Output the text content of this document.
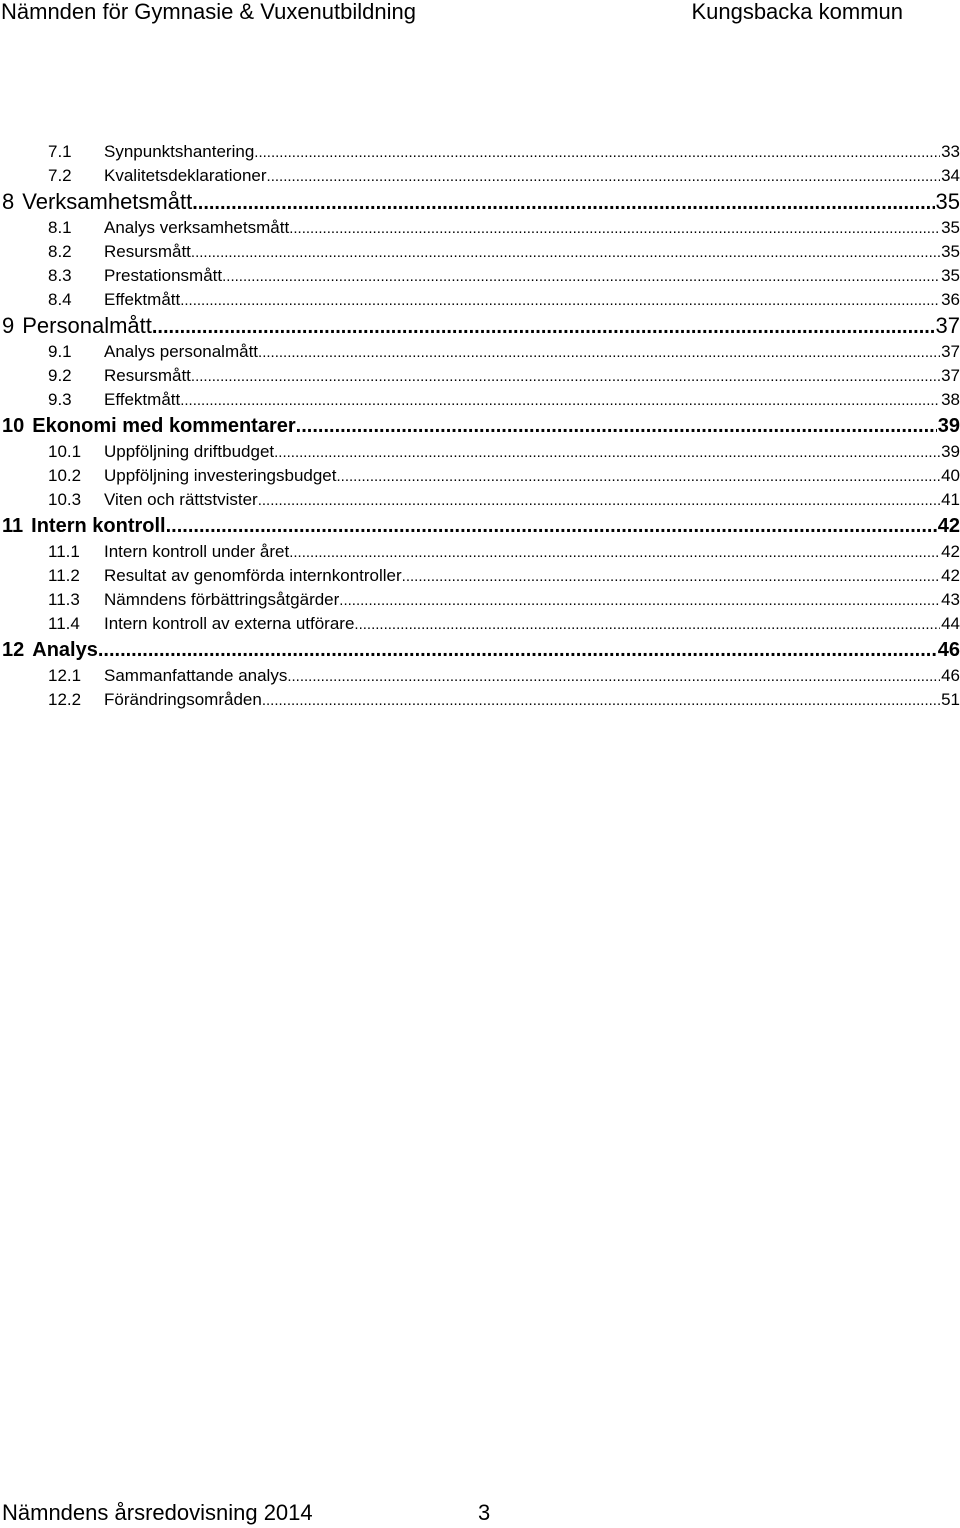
Nämnden för Gymnasie & Vuxenutbildning	Kungsbacka kommun
7.1	Synpunktshantering .....	33
7.2	Kvalitetsdeklarationer .....	34
8 Verksamhetsmått .....	35
8.1	Analys verksamhetsmått .....	35
8.2	Resursmått .....	35
8.3	Prestationsmått .....	35
8.4	Effektmått .....	36
9 Personalmått .....	37
9.1	Analys personalmått .....	37
9.2	Resursmått .....	37
9.3	Effektmått .....	38
10 Ekonomi med kommentarer .....	39
10.1	Uppföljning driftbudget .....	39
10.2	Uppföljning investeringsbudget .....	40
10.3	Viten och rättstvister .....	41
11 Intern kontroll .....	42
11.1	Intern kontroll under året .....	42
11.2	Resultat av genomförda internkontroller .....	42
11.3	Nämndens förbättringsåtgärder .....	43
11.4	Intern kontroll av externa utförare .....	44
12 Analys .....	46
12.1	Sammanfattande analys .....	46
12.2	Förändringsområden .....	51
Nämndens årsredovisning 2014	3
